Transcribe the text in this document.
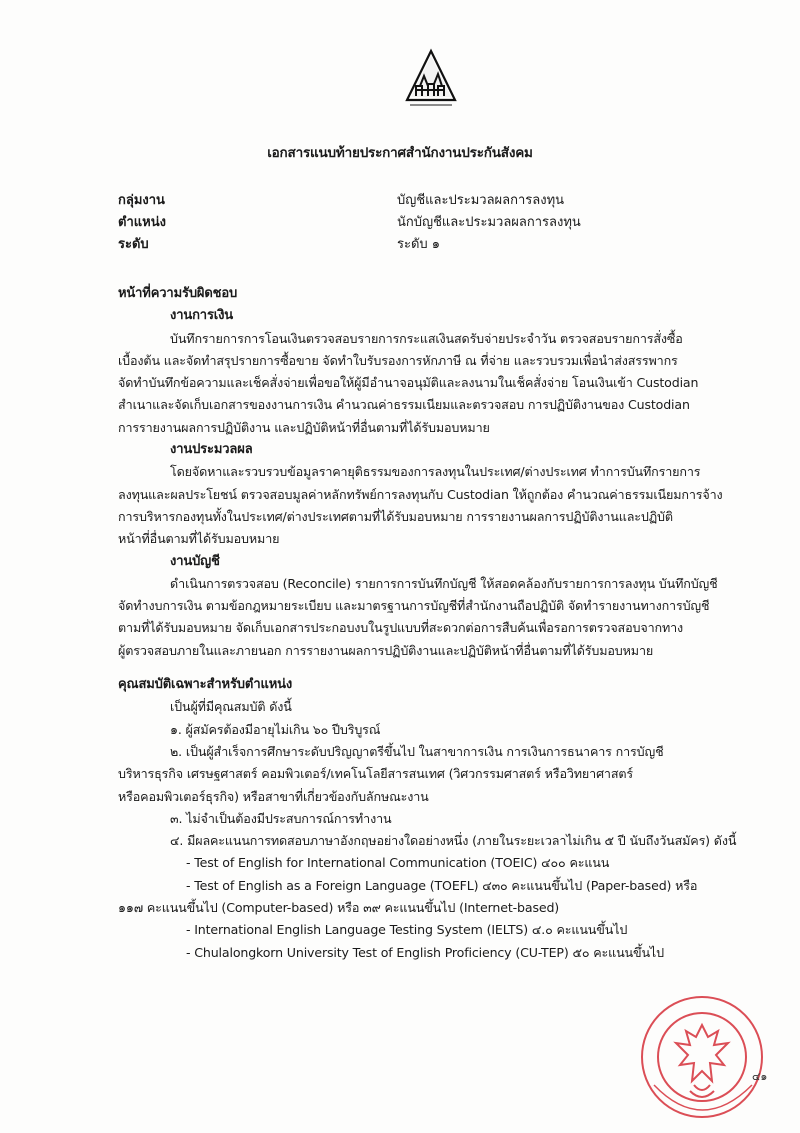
เอกสารแนบท้ายประกาศสำนักงานประกันสังคม
กลุ่มงาน	บัญชีและประมวลผลการลงทุน
ตำแหน่ง	นักบัญชีและประมวลผลการลงทุน
ระดับ	ระดับ ๑
หน้าที่ความรับผิดชอบ
งานการเงิน
บันทึกรายการการโอนเงินตรวจสอบรายการกระแสเงินสดรับจ่ายประจำวัน ตรวจสอบรายการสั่งซื้อ
เบื้องต้น และจัดทำสรุปรายการซื้อขาย จัดทำใบรับรองการหักภาษี ณ ที่จ่าย และรวบรวมเพื่อนำส่งสรรพากร
จัดทำบันทึกข้อความและเช็คสั่งจ่ายเพื่อขอให้ผู้มีอำนาจอนุมัติและลงนามในเช็คสั่งจ่าย โอนเงินเข้า Custodian
สำเนาและจัดเก็บเอกสารของงานการเงิน คำนวณค่าธรรมเนียมและตรวจสอบ การปฏิบัติงานของ Custodian
การรายงานผลการปฏิบัติงาน และปฏิบัติหน้าที่อื่นตามที่ได้รับมอบหมาย
งานประมวลผล
โดยจัดหาและรวบรวบข้อมูลราคายุติธรรมของการลงทุนในประเทศ/ต่างประเทศ ทำการบันทึกรายการ
ลงทุนและผลประโยชน์ ตรวจสอบมูลค่าหลักทรัพย์การลงทุนกับ Custodian ให้ถูกต้อง คำนวณค่าธรรมเนียมการจ้าง
การบริหารกองทุนทั้งในประเทศ/ต่างประเทศตามที่ได้รับมอบหมาย การรายงานผลการปฏิบัติงานและปฏิบัติ
หน้าที่อื่นตามที่ได้รับมอบหมาย
งานบัญชี
ดำเนินการตรวจสอบ (Reconcile) รายการการบันทึกบัญชี ให้สอดคล้องกับรายการการลงทุน บันทึกบัญชี
จัดทำงบการเงิน ตามข้อกฎหมายระเบียบ และมาตรฐานการบัญชีที่สำนักงานถือปฏิบัติ จัดทำรายงานทางการบัญชี
ตามที่ได้รับมอบหมาย จัดเก็บเอกสารประกอบงบในรูปแบบที่สะดวกต่อการสืบค้นเพื่อรอการตรวจสอบจากทาง
ผู้ตรวจสอบภายในและภายนอก การรายงานผลการปฏิบัติงานและปฏิบัติหน้าที่อื่นตามที่ได้รับมอบหมาย
คุณสมบัติเฉพาะสำหรับตำแหน่ง
เป็นผู้ที่มีคุณสมบัติ ดังนี้
๑. ผู้สมัครต้องมีอายุไม่เกิน ๖๐ ปีบริบูรณ์
๒. เป็นผู้สำเร็จการศึกษาระดับปริญญาตรีขึ้นไป ในสาขาการเงิน การเงินการธนาคาร การบัญชี
บริหารธุรกิจ เศรษฐศาสตร์ คอมพิวเตอร์/เทคโนโลยีสารสนเทศ (วิศวกรรมศาสตร์ หรือวิทยาศาสตร์
หรือคอมพิวเตอร์ธุรกิจ) หรือสาขาที่เกี่ยวข้องกับลักษณะงาน
๓. ไม่จำเป็นต้องมีประสบการณ์การทำงาน
๔. มีผลคะแนนการทดสอบภาษาอังกฤษอย่างใดอย่างหนึ่ง (ภายในระยะเวลาไม่เกิน ๕ ปี นับถึงวันสมัคร) ดังนี้
- Test of English for International Communication (TOEIC) ๔๐๐ คะแนน
- Test of English as a Foreign Language (TOEFL) ๔๓๐ คะแนนขึ้นไป (Paper-based) หรือ
๑๑๗ คะแนนขึ้นไป (Computer-based) หรือ ๓๙ คะแนนขึ้นไป (Internet-based)
- International English Language Testing System (IELTS) ๔.๐ คะแนนขึ้นไป
- Chulalongkorn University Test of English Proficiency (CU-TEP) ๕๐ คะแนนขึ้นไป
๔๑
